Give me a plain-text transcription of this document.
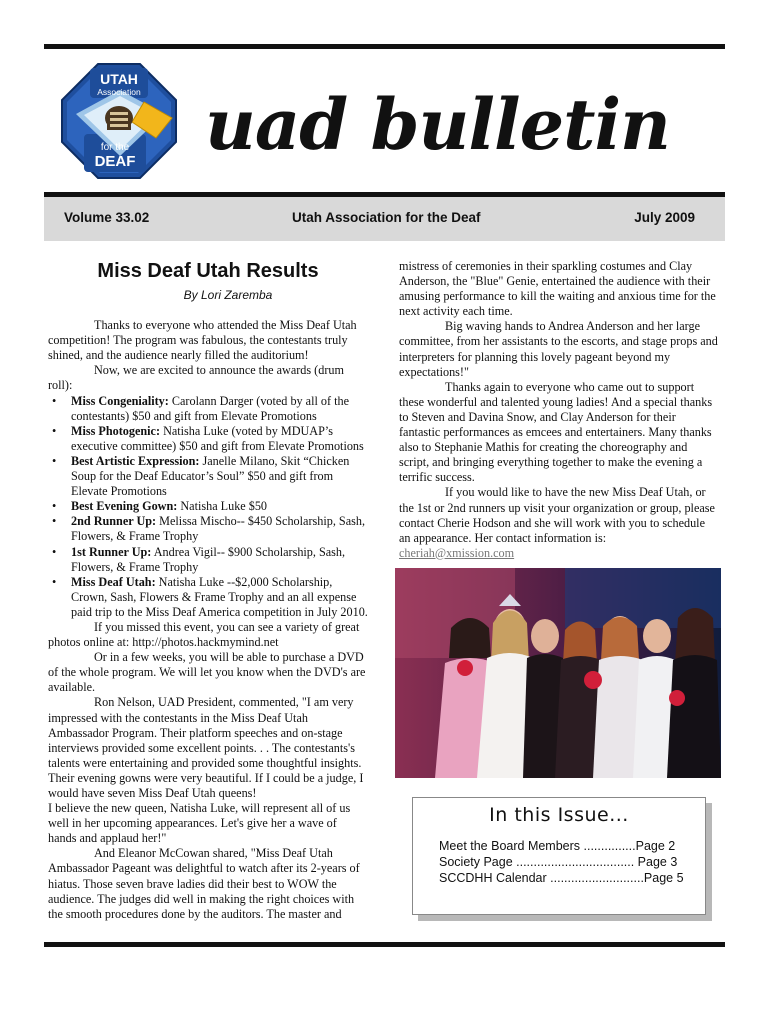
UTAH
Association
for the
DEAF uad bulletin
Volume 33.02	Utah Association for the Deaf	July 2009
Miss Deaf Utah Results
By Lori Zaremba

Thanks to everyone who attended the Miss Deaf Utah competition! The program was fabulous, the contestants truly shined, and the audience nearly filled the auditorium!

Now, we are excited to announce the awards (drum roll):

• Miss Congeniality: Carolann Darger (voted by all of the contestants) $50 and gift from Elevate Promotions
• Miss Photogenic: Natisha Luke (voted by MDUAP’s executive committee) $50 and gift from Elevate Promotions
• Best Artistic Expression: Janelle Milano, Skit “Chicken Soup for the Deaf Educator’s Soul” $50 and gift from Elevate Promotions
• Best Evening Gown: Natisha Luke $50
• 2nd Runner Up: Melissa Mischo-- $450 Scholarship, Sash, Flowers, & Frame Trophy
• 1st Runner Up: Andrea Vigil-- $900 Scholarship, Sash, Flowers, & Frame Trophy
• Miss Deaf Utah: Natisha Luke --$2,000 Scholarship, Crown, Sash, Flowers & Frame Trophy and an all expense paid trip to the Miss Deaf America competition in July 2010.

If you missed this event, you can see a variety of great photos online at: http://photos.hackmymind.net

Or in a few weeks, you will be able to purchase a DVD of the whole program. We will let you know when the DVD's are available.

Ron Nelson, UAD President, commented, "I am very impressed with the contestants in the Miss Deaf Utah Ambassador Program. Their platform speeches and on-stage interviews provided some excellent points. . . The contestants's talents were entertaining and provided some thoughtful insights. Their evening gowns were very beautiful. If I could be a judge, I would have seven Miss Deaf Utah queens!

I believe the new queen, Natisha Luke, will represent all of us well in her upcoming appearances. Let's give her a wave of hands and applaud her!"

And Eleanor McCowan shared, "Miss Deaf Utah Ambassador Pageant was delightful to watch after its 2-years of hiatus. Those seven brave ladies did their best to WOW the audience. The judges did well in making the right choices with the smooth procedures done by the auditors. The master and

mistress of ceremonies in their sparkling costumes and Clay Anderson, the "Blue" Genie, entertained the audience with their amusing performance to kill the waiting and anxious time for the next activity each time.

Big waving hands to Andrea Anderson and her large committee, from her assistants to the escorts, and stage props and interpreters for planning this lovely pageant beyond my expectations!"

Thanks again to everyone who came out to support these wonderful and talented young ladies! And a special thanks to Steven and Davina Snow, and Clay Anderson for their fantastic performances as emcees and entertainers. Many thanks also to Stephanie Mathis for creating the choreography and script, and bringing everything together to make the evening a terrific success.

If you would like to have the new Miss Deaf Utah, or the 1st or 2nd runners up visit your organization or group, please contact Cherie Hodson and she will work with you to schedule an appearance. Her contact information is: cheriah@xmission.com

In this Issue...
Meet the Board Members ...............Page 2
Society Page .................................. Page 3
SCCDHH Calendar ...........................Page 5
